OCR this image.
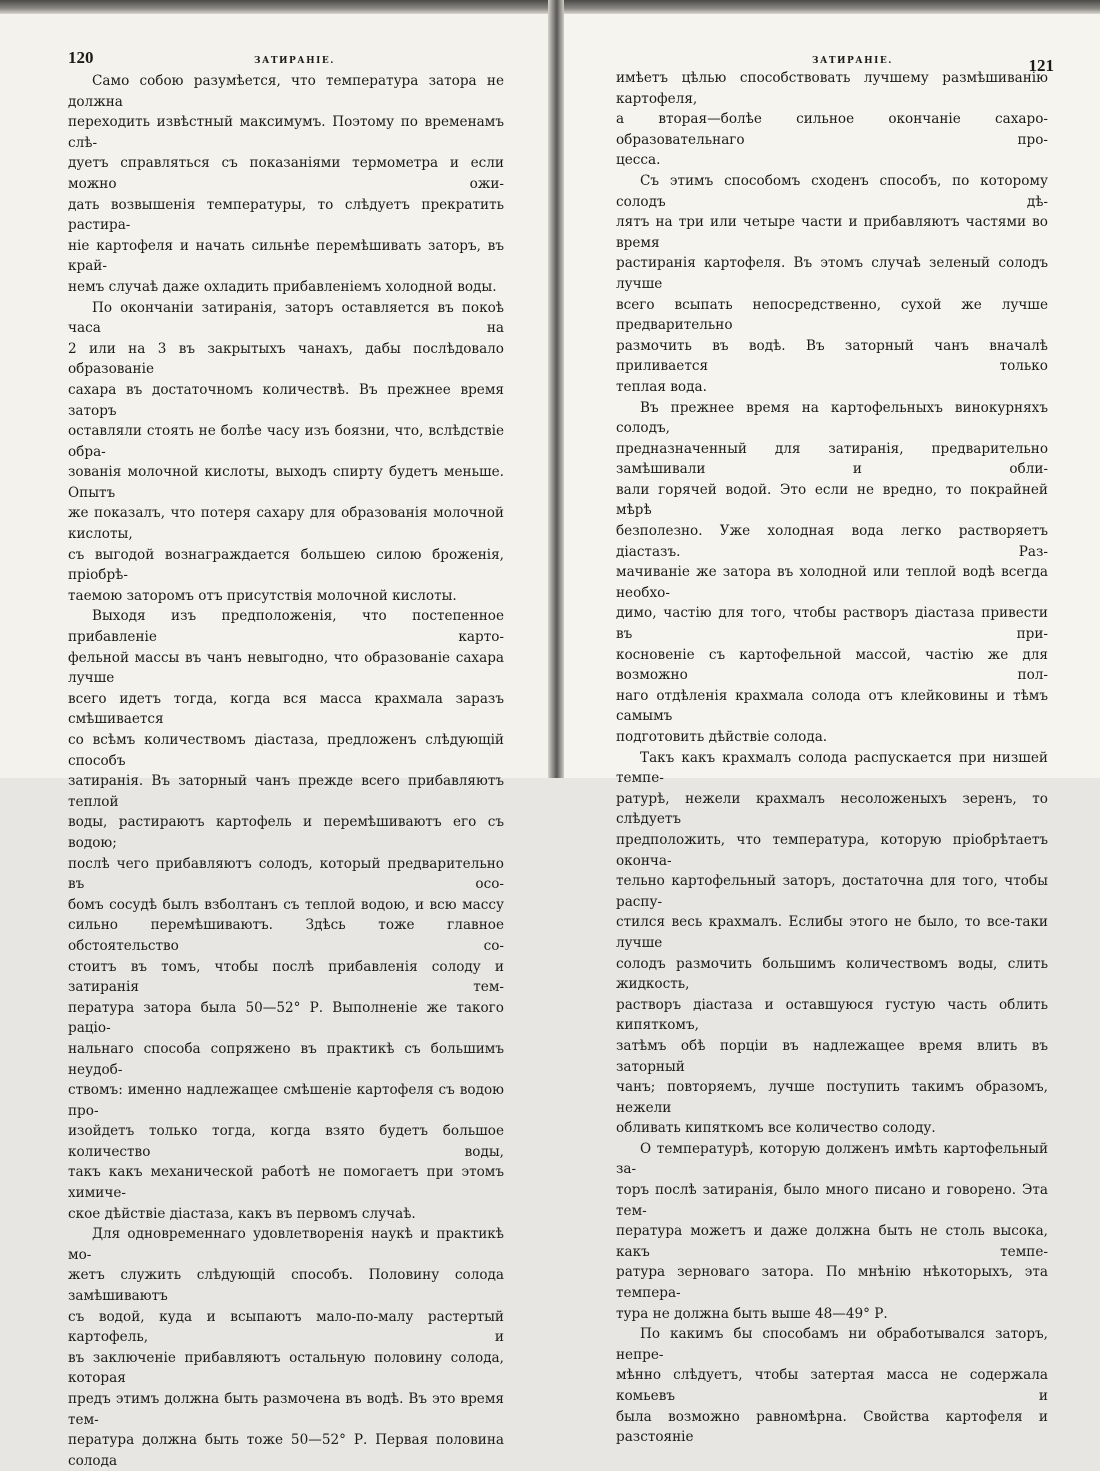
120	ЗАТИРАНІЕ.

Само собою разумѣется, что температура затора не должна

переходить извѣстный максимумъ. Поэтому по временамъ слѣ-

дуетъ справляться съ показаніями термометра и если можно ожи-

дать возвышенія температуры, то слѣдуетъ прекратить растира-

ніе картофеля и начать сильнѣе перемѣшивать заторъ, въ край-

немъ случаѣ даже охладить прибавленіемъ холодной воды.

По окончаніи затиранія, заторъ оставляется въ покоѣ часа на

2 или на 3 въ закрытыхъ чанахъ, дабы послѣдовало образованіе

сахара въ достаточномъ количествѣ. Въ прежнее время заторъ

оставляли стоять не болѣе часу изъ боязни, что, вслѣдствіе обра-

зованія молочной кислоты, выходъ спирту будетъ меньше. Опытъ

же показалъ, что потеря сахару для образованія молочной кислоты,

съ выгодой вознаграждается большею силою броженія, пріобрѣ-

таемою заторомъ отъ присутствія молочной кислоты.

Выходя изъ предположенія, что постепенное прибавленіе карто-

фельной массы въ чанъ невыгодно, что образованіе сахара лучше

всего идетъ тогда, когда вся масса крахмала заразъ смѣшивается

со всѣмъ количествомъ діастаза, предложенъ слѣдующій способъ

затиранія. Въ заторный чанъ прежде всего прибавляютъ теплой

воды, растираютъ картофель и перемѣшиваютъ его съ водою;

послѣ чего прибавляютъ солодъ, который предварительно въ осо-

бомъ сосудѣ былъ взболтанъ съ теплой водою, и всю массу

сильно перемѣшиваютъ. Здѣсь тоже главное обстоятельство со-

стоитъ въ томъ, чтобы послѣ прибавленія солоду и затиранія тем-

пература затора была 50—52° Р. Выполненіе же такого раціо-

нальнаго способа сопряжено въ практикѣ съ большимъ неудоб-

ствомъ: именно надлежащее смѣшеніе картофеля съ водою про-

изойдетъ только тогда, когда взято будетъ большое количество воды,

такъ какъ механической работѣ не помогаетъ при этомъ химиче-

ское дѣйствіе діастаза, какъ въ первомъ случаѣ.

Для одновременнаго удовлетворенія наукѣ и практикѣ мо-

жетъ служить слѣдующій способъ. Половину солода замѣшиваютъ

съ водой, куда и всыпаютъ мало-по-малу растертый картофель, и

въ заключеніе прибавляютъ остальную половину солода, которая

предъ этимъ должна быть размочена въ водѣ. Въ это время тем-

пература должна быть тоже 50—52° Р. Первая половина солода

121
ЗАТИРАНІЕ.

имѣетъ цѣлью способствовать лучшему размѣшиванію картофеля,

а вторая—болѣе сильное окончаніе сахаро-образовательнаго про-

цесса.

Съ этимъ способомъ сходенъ способъ, по которому солодъ дѣ-

лятъ на три или четыре части и прибавляютъ частями во время

растиранія картофеля. Въ этомъ случаѣ зеленый солодъ лучше

всего всыпать непосредственно, сухой же лучше предварительно

размочить въ водѣ. Въ заторный чанъ вначалѣ приливается только

теплая вода.

Въ прежнее время на картофельныхъ винокурняхъ солодъ,

предназначенный для затиранія, предварительно замѣшивали и обли-

вали горячей водой. Это если не вредно, то покрайней мѣрѣ

безполезно. Уже холодная вода легко растворяетъ діастазъ. Раз-

мачиваніе же затора въ холодной или теплой водѣ всегда необхо-

димо, частію для того, чтобы растворъ діастаза привести въ при-

косновеніе съ картофельной массой, частію же для возможно пол-

наго отдѣленія крахмала солода отъ клейковины и тѣмъ самымъ

подготовить дѣйствіе солода.

Такъ какъ крахмалъ солода распускается при низшей темпе-

ратурѣ, нежели крахмалъ несоложеныхъ зеренъ, то слѣдуетъ

предположить, что температура, которую пріобрѣтаетъ оконча-

тельно картофельный заторъ, достаточна для того, чтобы распу-

стился весь крахмалъ. Еслибы этого не было, то все-таки лучше

солодъ размочить большимъ количествомъ воды, слить жидкость,

растворъ діастаза и оставшуюся густую часть облить кипяткомъ,

затѣмъ обѣ порціи въ надлежащее время влить въ заторный

чанъ; повторяемъ, лучше поступить такимъ образомъ, нежели

обливать кипяткомъ все количество солоду.

О температурѣ, которую долженъ имѣть картофельный за-

торъ послѣ затиранія, было много писано и говорено. Эта тем-

пература можетъ и даже должна быть не столь высока, какъ темпе-

ратура зерноваго затора. По мнѣнію нѣкоторыхъ, эта темпера-

тура не должна быть выше 48—49° Р.

По какимъ бы способамъ ни обработывался заторъ, непре-

мѣнно слѣдуетъ, чтобы затертая масса не содержала комьевъ и

была возможно равномѣрна. Свойства картофеля и разстояніе
